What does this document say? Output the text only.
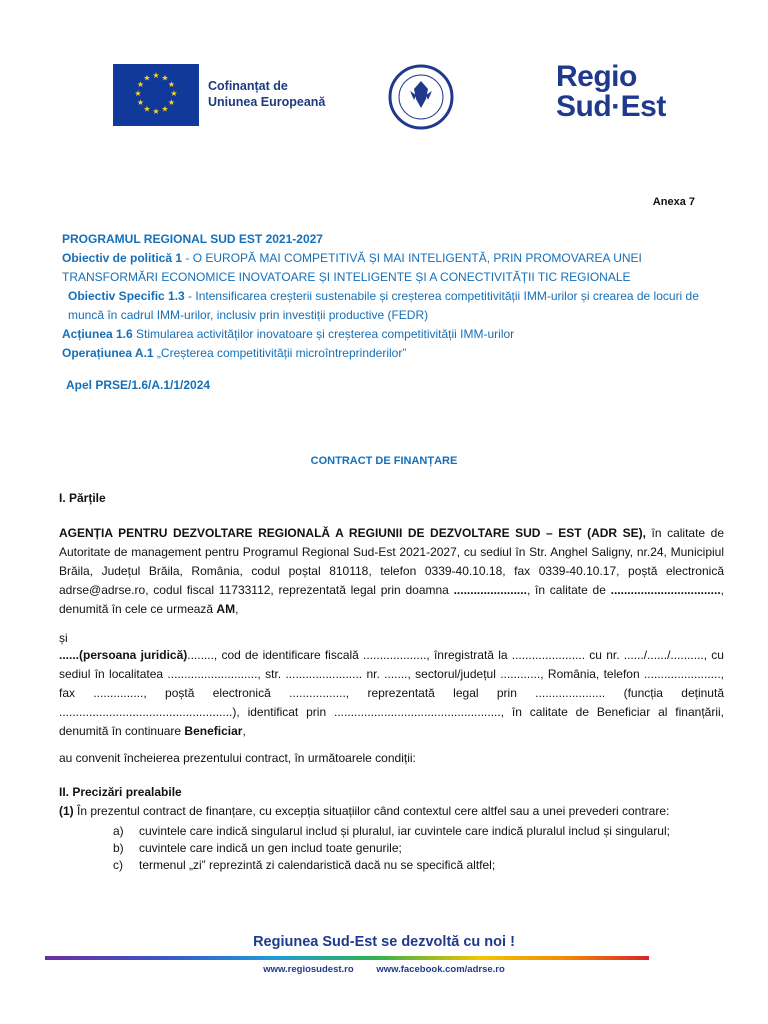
★ ★
★
★
★
★
★
★
★
★
★
★
Cofinanțat de
Uniunea Europeană
Regio
Sud·Est
Anexa 7
PROGRAMUL REGIONAL SUD EST 2021-2027
Obiectiv de politică 1 - O EUROPĂ MAI COMPETITIVĂ ȘI MAI INTELIGENTĂ, PRIN PROMOVAREA UNEI TRANSFORMĂRI ECONOMICE INOVATOARE ȘI INTELIGENTE ȘI A CONECTIVITĂȚII TIC REGIONALE
Obiectiv Specific 1.3 - Intensificarea creșterii sustenabile și creșterea competitivității IMM-urilor și crearea de locuri de muncă în cadrul IMM-urilor, inclusiv prin investiții productive (FEDR)
Acțiunea 1.6 Stimularea activităților inovatoare și creșterea competitivității IMM-urilor
Operațiunea A.1 „Creșterea competitivității microîntreprinderilor”
Apel PRSE/1.6/A.1/1/2024
CONTRACT DE FINANȚARE
I. Părțile
AGENȚIA PENTRU DEZVOLTARE REGIONALĂ A REGIUNII DE DEZVOLTARE SUD – EST (ADR SE), în calitate de Autoritate de management pentru Programul Regional Sud-Est 2021-2027, cu sediul în Str. Anghel Saligny, nr.24, Municipiul Brăila, Județul Brăila, România, codul poștal 810118, telefon 0339-40.10.18, fax 0339-40.10.17, poștă electronică adrse@adrse.ro, codul fiscal 11733112, reprezentată legal prin doamna ......................, în calitate de ................................., denumită în cele ce urmează AM,
și
......(persoana juridică)........, cod de identificare fiscală ..................., înregistrată la ...................... cu nr. ....../....../.........., cu sediul în localitatea ..........................., str. ....................... nr. ......., sectorul/județul ............, România, telefon ......................., fax ..............., poștă electronică ................., reprezentată legal prin ..................... (funcția deținută ....................................................), identificat prin .................................................., în calitate de Beneficiar al finanțării, denumită în continuare Beneficiar,
au convenit încheierea prezentului contract, în următoarele condiții:
II. Precizări prealabile
(1) În prezentul contract de finanțare, cu excepția situațiilor când contextul cere altfel sau a unei prevederi contrare:
a)	cuvintele care indică singularul includ și pluralul, iar cuvintele care indică pluralul includ și singularul;
b)	cuvintele care indică un gen includ toate genurile;
c)	termenul „zi” reprezintă zi calendaristică dacă nu se specifică altfel;
Regiunea Sud-Est se dezvoltă cu noi !
www.regiosudest.ro www.facebook.com/adrse.ro
